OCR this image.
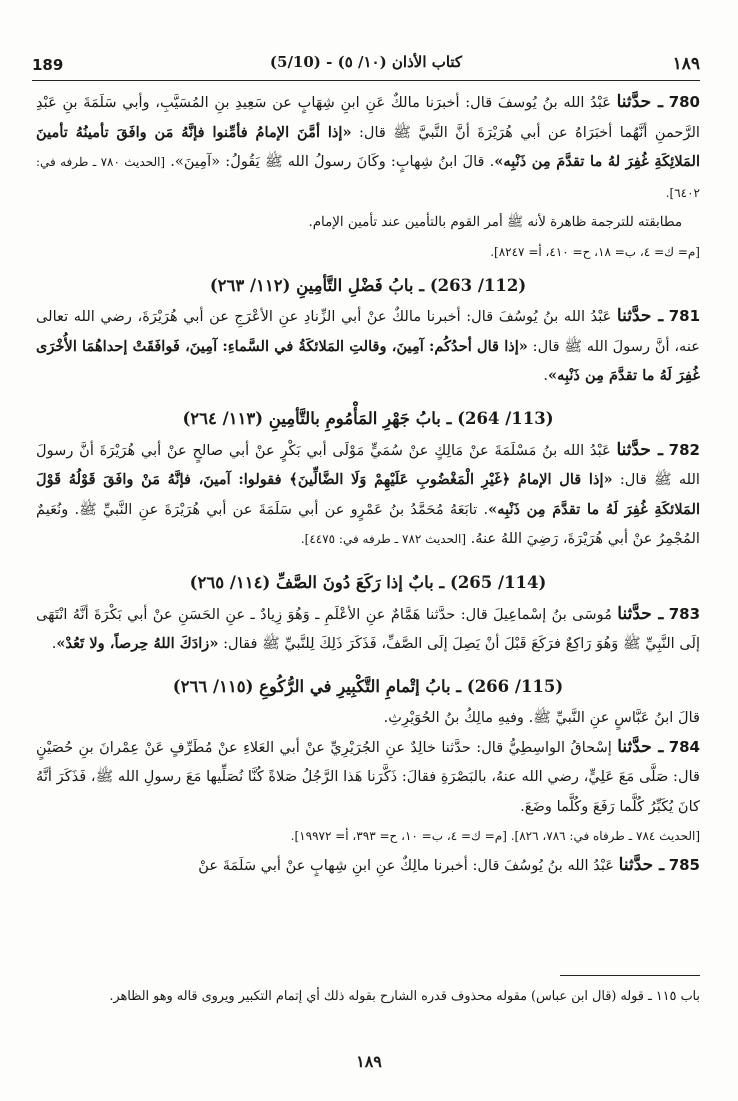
189	(5/10) - كتاب الأذان (١٠/ ٥)	١٨٩

780 ـ حدَّثنا عَبْدُ الله بنُ يُوسفَ قال: أخبرَنا مالكٌ عَنِ ابنِ شِهَابٍ عن سَعِيدِ بنِ المُسَيَّبِ، وأبي سَلَمَةَ بنِ عَبْدِ الرَّحمنِ أنَّهُما أخبَرَاهُ عن أبي هُرَيْرَةَ أنَّ النَّبيَّ ﷺ قال: «إذا أمَّنَ الإمامُ فأمِّنوا فإنَّهُ مَن وافَقَ تأمينُهُ تأمينَ المَلائِكَةِ غُفِرَ لهُ ما تقدَّمَ مِن ذَنْبِه». قالَ ابنُ شِهابٍ: وكَانَ رسولُ الله ﷺ يَقُولُ: «آمِينَ». [الحديث ٧٨٠ ـ طرفه في: ٦٤٠٢].

مطابقته للترجمة ظاهرة لأنه ﷺ أمر القوم بالتأمين عند تأمين الإمام.

[م= ك= ٤، ب= ١٨، ح= ٤١٠، أ= ٨٢٤٧].

(112/ 263) ـ بابُ فَضْلِ التَّأمِينِ (١١٢/ ٢٦٣)

781 ـ حدَّثنا عَبْدُ الله بنُ يُوسُفَ قال: أخبرنا مالكٌ عنْ أبي الزِّنادِ عنِ الأعْرَجِ عن أبي هُرَيْرَةَ، رضي الله تعالى عنه، أنَّ رسولَ الله ﷺ قال: «إذا قال أحدُكُم: آمِينَ، وقالتِ المَلائكَةُ في السَّماءِ: آمِينَ، فَوافَقَتْ إحداهُمَا الأُخْرَى غُفِرَ لَهُ ما تقدَّمَ مِن ذَنْبِه».

(113/ 264) ـ بابُ جَهْرِ المَأْمُومِ بالتَّأمِينِ (١١٣/ ٢٦٤)

782 ـ حدَّثنا عَبْدُ الله بنُ مَسْلَمَةَ عنْ مَالِكٍ عنْ سُمَيٍّ مَوْلَى أبي بَكْرٍ عنْ أبي صالحٍ عنْ أبي هُرَيْرَةَ أنَّ رسولَ الله ﷺ قال: «إذا قال الإمامُ ﴿غَيْرِ الْمَغْضُوبِ عَلَيْهِمْ وَلَا الضَّالِّينَ﴾ فقولوا: آمينَ، فإنَّهُ مَنْ وافَقَ قَوْلُهُ قَوْلَ المَلائكَةِ غُفِرَ لَهُ ما تقدَّمَ مِن ذَنْبِه». تابَعَهُ مُحَمَّدُ بنُ عَمْرٍو عن أبي سَلَمَةَ عن أبي هُرَيْرَةَ عنِ النَّبيِّ ﷺ. ونُعَيمٌ المُجْمِرُ عنْ أبي هُرَيْرَةَ، رَضِيَ اللهُ عنهُ. [الحديث ٧٨٢ ـ طرفه في: ٤٤٧٥].

(114/ 265) ـ بابٌ إذا رَكَعَ دُونَ الصَّفِّ (١١٤/ ٢٦٥)

783 ـ حدَّثنا مُوسَى بنُ إسْماعِيلَ قال: حدَّثنا هَمَّامٌ عنِ الأعْلَمِ ـ وَهُوَ زِيادٌ ـ عنِ الحَسَنِ عنْ أبي بَكْرَةَ أنَّهُ انْتَهَى إلَى النَّبِيِّ ﷺ وَهُوَ رَاكِعٌ فرَكَعَ قَبْلَ أنْ يَصِلَ إلَى الصَّفِّ، فَذَكَرَ ذَلِكَ لِلنَّبيِّ ﷺ فقال: «زادَكَ اللهُ حِرصاً، ولا تَعُدْ».

(115/ 266) ـ بابُ إتْمامِ التَّكْبِيرِ في الرُّكُوعِ (١١٥/ ٢٦٦)

قالَ ابنُ عَبَّاسٍ عنِ النَّبيِّ ﷺ. وفيهِ مالِكُ بنُ الحُوَيْرِثِ.

784 ـ حدَّثنا إسْحاقُ الواسِطِيُّ قال: حدَّثنا خالِدٌ عنِ الجُرَيْرِيِّ عنْ أبي العَلاءِ عنْ مُطَرِّفٍ عَنْ عِمْرانَ بنِ حُصَيْنٍ قال: صَلَّى مَعَ عَلِيٍّ، رضي الله عنهُ، بالبَصْرَةِ فقالَ: ذَكَّرَنا هَذا الرَّجُلُ صَلاةً كُنَّا نُصَلِّيها مَعَ رسولِ الله ﷺ، فَذَكَرَ أنَّهُ كانَ يُكَبِّرُ كُلَّما رَفَعَ وكُلَّما وضَعَ.

[الحديث ٧٨٤ ـ طرفاه في: ٧٨٦، ٨٢٦]. [م= ك= ٤، ب= ١٠، ح= ٣٩٣، أ= ١٩٩٧٢].

785 ـ حدَّثنا عَبْدُ الله بنُ يُوسُفَ قال: أخبرنا مالِكٌ عنِ ابنِ شِهابٍ عنْ أبي سَلَمَةَ عنْ

باب ١١٥ ـ قوله (قال ابن عباس) مقوله محذوف قدره الشارح بقوله ذلك أي إتمام التكبير ويروى قاله وهو الظاهر.
١٨٩
